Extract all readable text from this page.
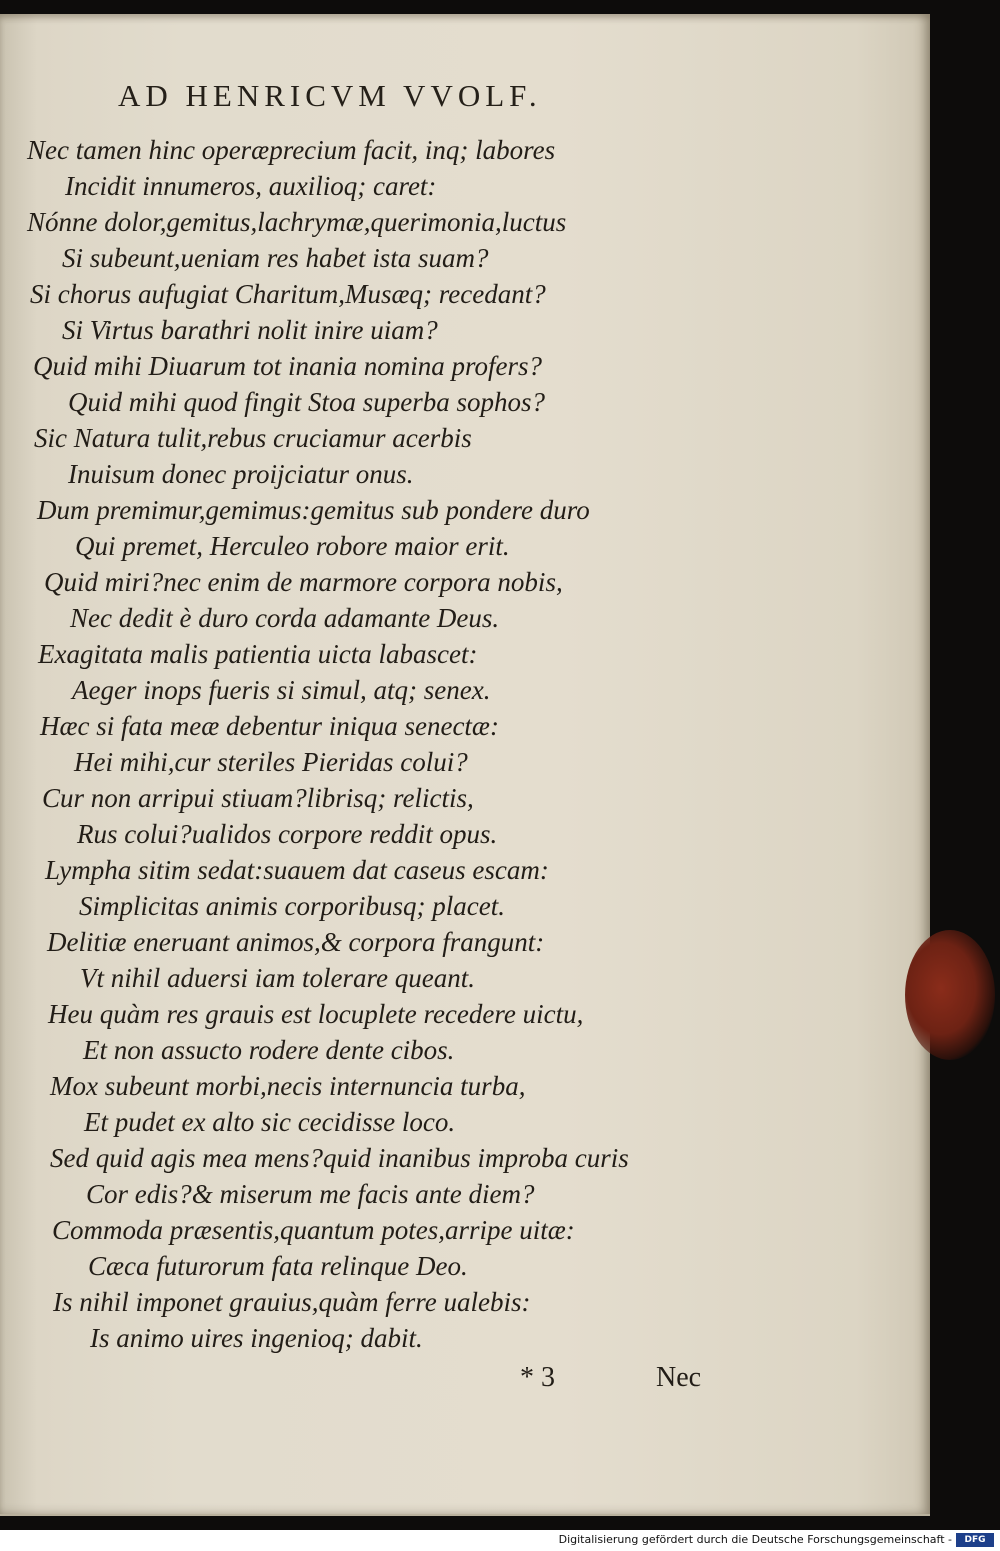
AD HENRICVM VVOLF.
Nec tamen hinc operæprecium facit, inq; labores
Incidit innumeros, auxilioq; caret:
Nónne dolor,gemitus,lachrymæ,querimonia,luctus
Si subeunt,ueniam res habet ista suam?
Si chorus aufugiat Charitum,Musæq; recedant?
Si Virtus barathri nolit inire uiam?
Quid mihi Diuarum tot inania nomina profers?
Quid mihi quod fingit Stoa superba sophos?
Sic Natura tulit,rebus cruciamur acerbis
Inuisum donec proijciatur onus.
Dum premimur,gemimus:gemitus sub pondere duro
Qui premet, Herculeo robore maior erit.
Quid miri?nec enim de marmore corpora nobis,
Nec dedit è duro corda adamante Deus.
Exagitata malis patientia uicta labascet:
Aeger inops fueris si simul, atq; senex.
Hæc si fata meæ debentur iniqua senectæ:
Hei mihi,cur steriles Pieridas colui?
Cur non arripui stiuam?librisq; relictis,
Rus colui?ualidos corpore reddit opus.
Lympha sitim sedat:suauem dat caseus escam:
Simplicitas animis corporibusq; placet.
Delitiæ eneruant animos,& corpora frangunt:
Vt nihil aduersi iam tolerare queant.
Heu quàm res grauis est locuplete recedere uictu,
Et non assucto rodere dente cibos.
Mox subeunt morbi,necis internuncia turba,
Et pudet ex alto sic cecidisse loco.
Sed quid agis mea mens?quid inanibus improba curis
Cor edis?& miserum me facis ante diem?
Commoda præsentis,quantum potes,arripe uitæ:
Cæca futurorum fata relinque Deo.
Is nihil imponet grauius,quàm ferre ualebis:
Is animo uires ingenioq; dabit.
* 3	Nec
Digitalisierung gefördert durch die Deutsche Forschungsgemeinschaft -	DFG
